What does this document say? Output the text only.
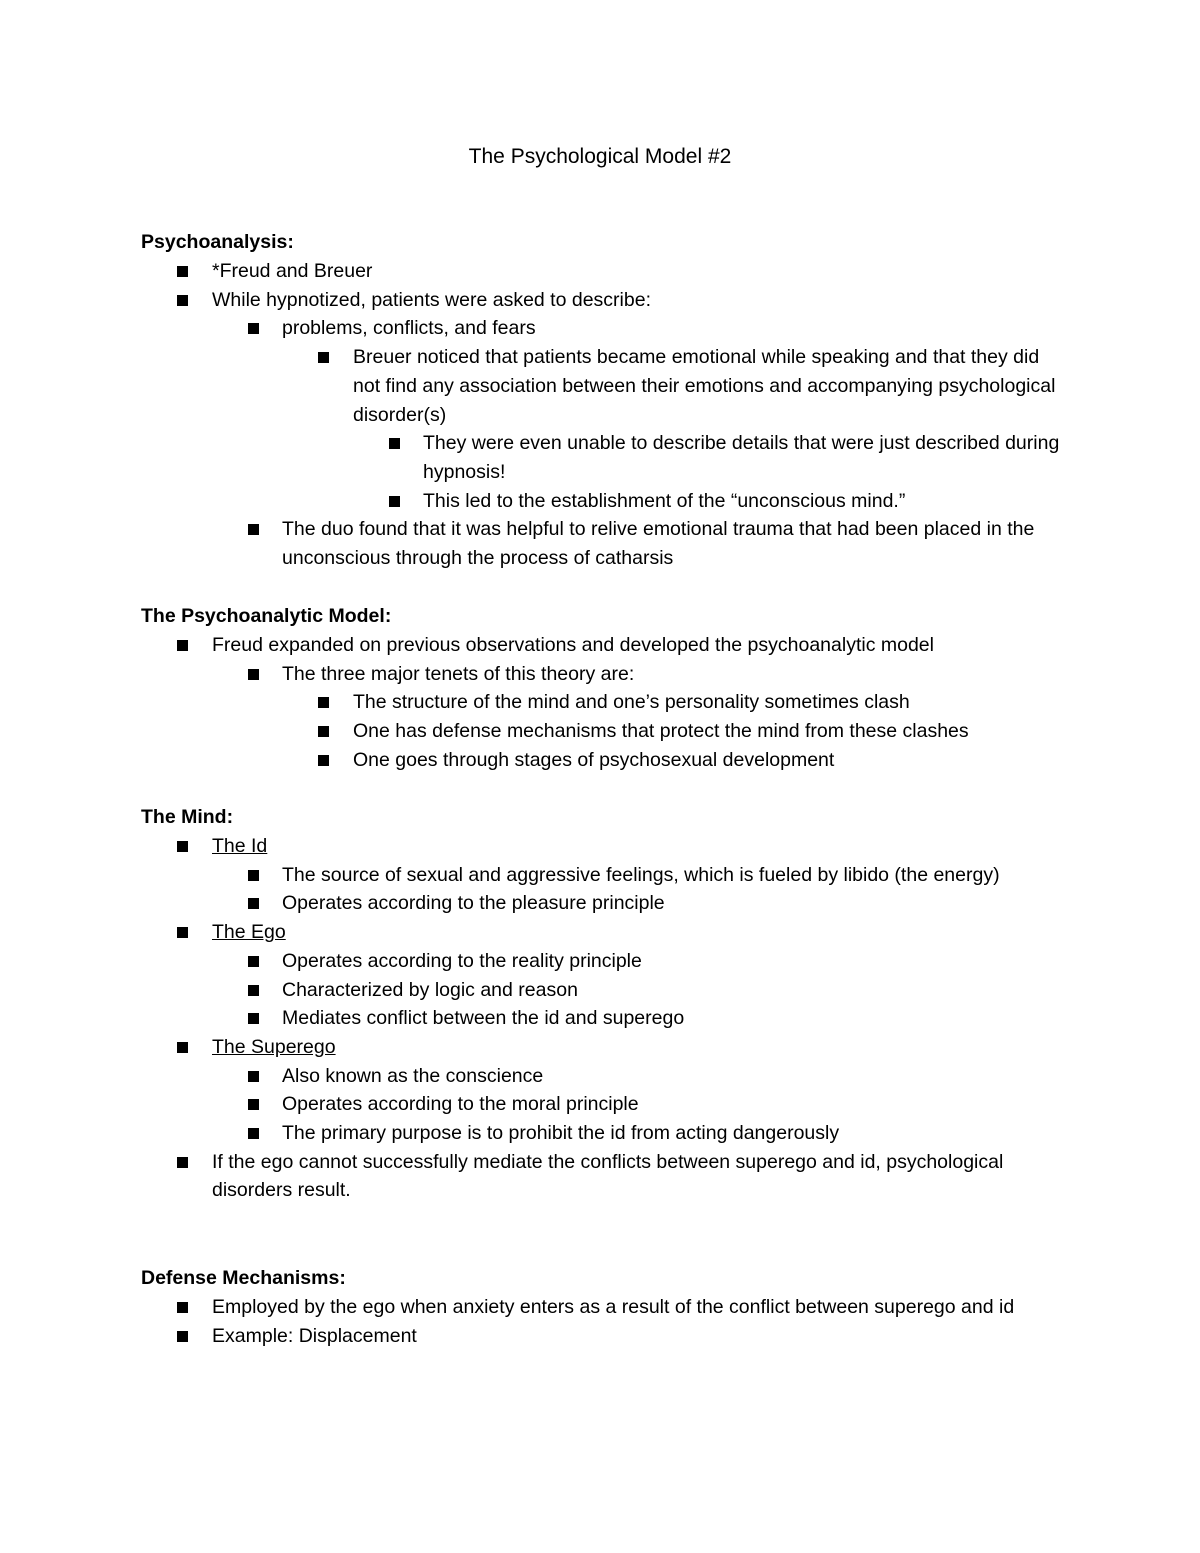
The Psychological Model #2
Psychoanalysis:
*Freud and Breuer
While hypnotized, patients were asked to describe:
problems, conflicts, and fears
Breuer noticed that patients became emotional while speaking and that they did not find any association between their emotions and accompanying psychological disorder(s)
They were even unable to describe details that were just described during hypnosis!
This led to the establishment of the “unconscious mind.”
The duo found that it was helpful to relive emotional trauma that had been placed in the unconscious through the process of catharsis
The Psychoanalytic Model:
Freud expanded on previous observations and developed the psychoanalytic model
The three major tenets of this theory are:
The structure of the mind and one’s personality sometimes clash
One has defense mechanisms that protect the mind from these clashes
One goes through stages of psychosexual development
The Mind:
The Id
The source of sexual and aggressive feelings, which is fueled by libido (the energy)
Operates according to the pleasure principle
The Ego
Operates according to the reality principle
Characterized by logic and reason
Mediates conflict between the id and superego
The Superego
Also known as the conscience
Operates according to the moral principle
The primary purpose is to prohibit the id from acting dangerously
If the ego cannot successfully mediate the conflicts between superego and id, psychological disorders result.
Defense Mechanisms:
Employed by the ego when anxiety enters as a result of the conflict between superego and id
Example: Displacement
